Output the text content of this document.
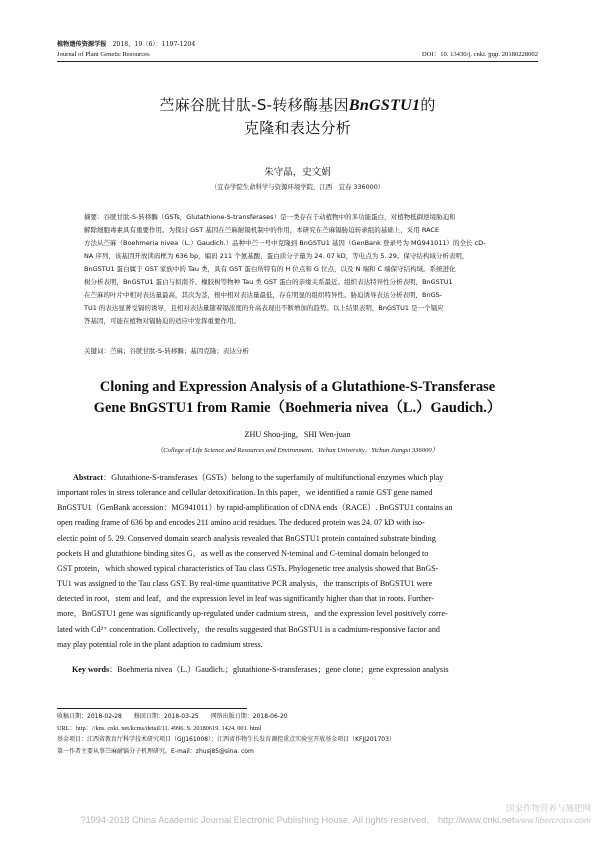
植物遗传资源学报 2018，19（6）：1197-1204
Journal of Plant Genetic Resources	DOI：10. 13430/j. cnki. jpgr. 20180228002
苎麻谷胱甘肽-S-转移酶基因BnGSTU1的
克隆和表达分析
朱守晶，史文娟
（宜春学院生命科学与资源环境学院，江西　宜春 336000）

摘要：谷胱甘肽-S-转移酶（GSTs，Glutathione-S-transferases）是一类存在于动植物中的多功能蛋白，对植物抵御逆境胁迫和

解除细胞毒素具有重要作用。为探讨 GST 基因在苎麻耐镉机制中的作用，本研究在苎麻镉胁迫转录组的基础上，采用 RACE

方法从苎麻（Boehmeria nivea（L.）Gaudich.）品种中苎一号中克隆到 BnGSTU1 基因（GenBank 登录号为 MG941011）的全长 cD-

NA 序列，该基因开放读码框为 636 bp，编码 211 个氨基酸，蛋白质分子量为 24. 07 kD，等电点为 5. 29。保守结构域分析表明，

BnGSTU1 蛋白属于 GST 家族中的 Tau 类，具有 GST 蛋白所特有的 H 位点和 G 位点，以及 N 端和 C 端保守结构域。系统进化

树分析表明，BnGSTU1 蛋白与拟南芥、橡胶树等物种 Tau 类 GST 蛋白的亲缘关系最近。组织表达特异性分析表明，BnGSTU1

在苎麻的叶片中相对表达量最高，其次为茎，根中相对表达量最低，存在明显的组织特异性。胁迫诱导表达分析表明，BnGS-

TU1 的表达显著受镉的诱导，且相对表达量随着镉浓度的升高表现出不断增加的趋势。以上结果表明，BnGSTU1 是一个镉应

答基因，可能在植物对镉胁迫的适应中发挥重要作用。

关键词：苎麻；谷胱甘肽-S-转移酶；基因克隆；表达分析
Cloning and Expression Analysis of a Glutathione-S-Transferase
Gene BnGSTU1 from Ramie（Boehmeria nivea（L.）Gaudich.）
ZHU Shou-jing，SHI Wen-juan
（College of Life Science and Resources and Environment，Yichun University，Yichun Jiangxi 336000）
Abstract：Glutathione-S-transferases（GSTs）belong to the superfamily of multifunctional enzymes which play
important roles in stress tolerance and cellular detoxification. In this paper，we identified a ramie GST gene named
BnGSTU1（GenBank accession：MG941011）by rapid-amplification of cDNA ends（RACE）. BnGSTU1 contains an
open reading frame of 636 bp and encodes 211 amino acid residues. The deduced protein was 24. 07 kD with iso-
electic point of 5. 29. Conserved domain search analysis revealed that BnGSTU1 protein contained substrate binding
pockets H and glutathione binding sites G，as well as the conserved N-teminal and C-teminal domain belonged to
GST protein，which showed typical characteristics of Tau class GSTs. Phylogenetic tree analysis showed that BnGS-
TU1 was assigned to the Tau class GST. By real-time quantitative PCR analysis，the transcripts of BnGSTU1 were
detected in root，stem and leaf，and the expression level in leaf was significantly higher than that in roots. Further-
more，BnGSTU1 gene was significantly up-regulated under cadmium stress，and the expression level positively corre-
lated with Cd²⁺ concentration. Collectively，the results suggested that BnGSTU1 is a cadmium-responsive factor and
may play potential role in the plant adaption to cadmium stress.
Key words：Boehmeria nivea（L.）Gaudich.；glutathione-S-transferases；gene clone；gene expression analysis
收稿日期：2018-02-28　　修回日期：2018-03-25　　网络出版日期：2018-06-20
URL：http：//kns. cnki. net/kcms/detail/11. 4996. S. 20180619. 1424. 001. html
基金项目：江西省教育厅科学技术研究项目（GJJ161008）；江西省作物生长发育调控重点实验室开放基金项目（KFJJ201703）
第一作者主要从事苎麻耐镉分子机理研究。E-mail：zhusj85@sina. com
?1994-2018 China Academic Journal Electronic Publishing House. All rights reserved.　http://www.cnki.net
国家作物营养与施肥网
www.fibercrops.com
